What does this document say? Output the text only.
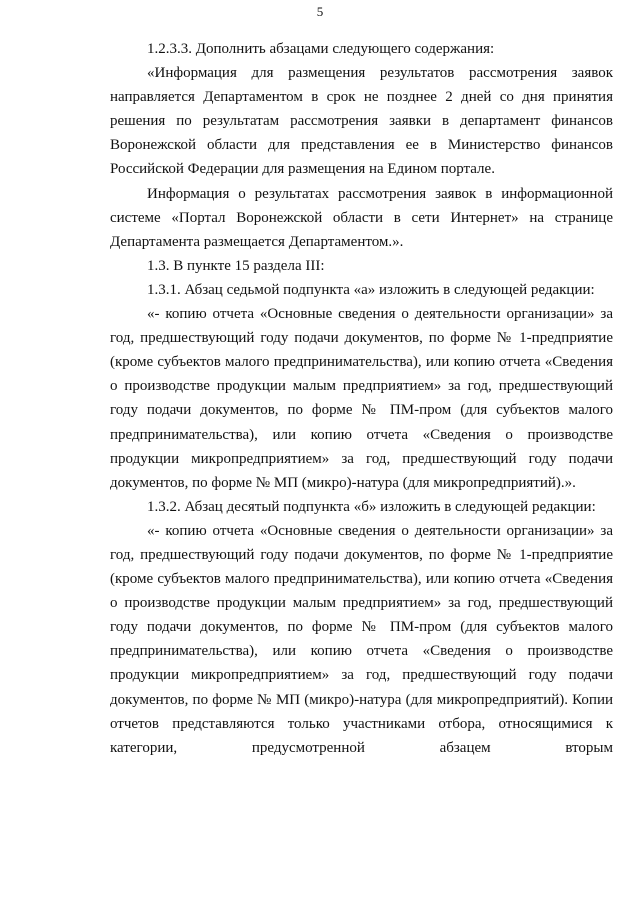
5

1.2.3.3. Дополнить абзацами следующего содержания:

«Информация для размещения результатов рассмотрения заявок направляется Департаментом в срок не позднее 2 дней со дня принятия решения по результатам рассмотрения заявки в департамент финансов Воронежской области для представления ее в Министерство финансов Российской Федерации для размещения на Едином портале.

Информация о результатах рассмотрения заявок в информационной системе «Портал Воронежской области в сети Интернет» на странице Департамента размещается Департаментом.».

1.3. В пункте 15 раздела III:

1.3.1. Абзац седьмой подпункта «а» изложить в следующей редакции:

«- копию отчета «Основные сведения о деятельности организации» за год, предшествующий году подачи документов, по форме № 1-предприятие (кроме субъектов малого предпринимательства), или копию отчета «Сведения о производстве продукции малым предприятием» за год, предшествующий году подачи документов, по форме № ПМ-пром (для субъектов малого предпринимательства), или копию отчета «Сведения о производстве продукции микропредприятием» за год, предшествующий году подачи документов, по форме № МП (микро)-натура (для микропредприятий).».

1.3.2. Абзац десятый подпункта «б» изложить в следующей редакции:

«- копию отчета «Основные сведения о деятельности организации» за год, предшествующий году подачи документов, по форме № 1-предприятие (кроме субъектов малого предпринимательства), или копию отчета «Сведения о производстве продукции малым предприятием» за год, предшествующий году подачи документов, по форме № ПМ-пром (для субъектов малого предпринимательства), или копию отчета «Сведения о производстве продукции микропредприятием» за год, предшествующий году подачи документов, по форме № МП (микро)-натура (для микропредприятий). Копии отчетов представляются только участниками отбора, относящимися к категории, предусмотренной абзацем вторым
